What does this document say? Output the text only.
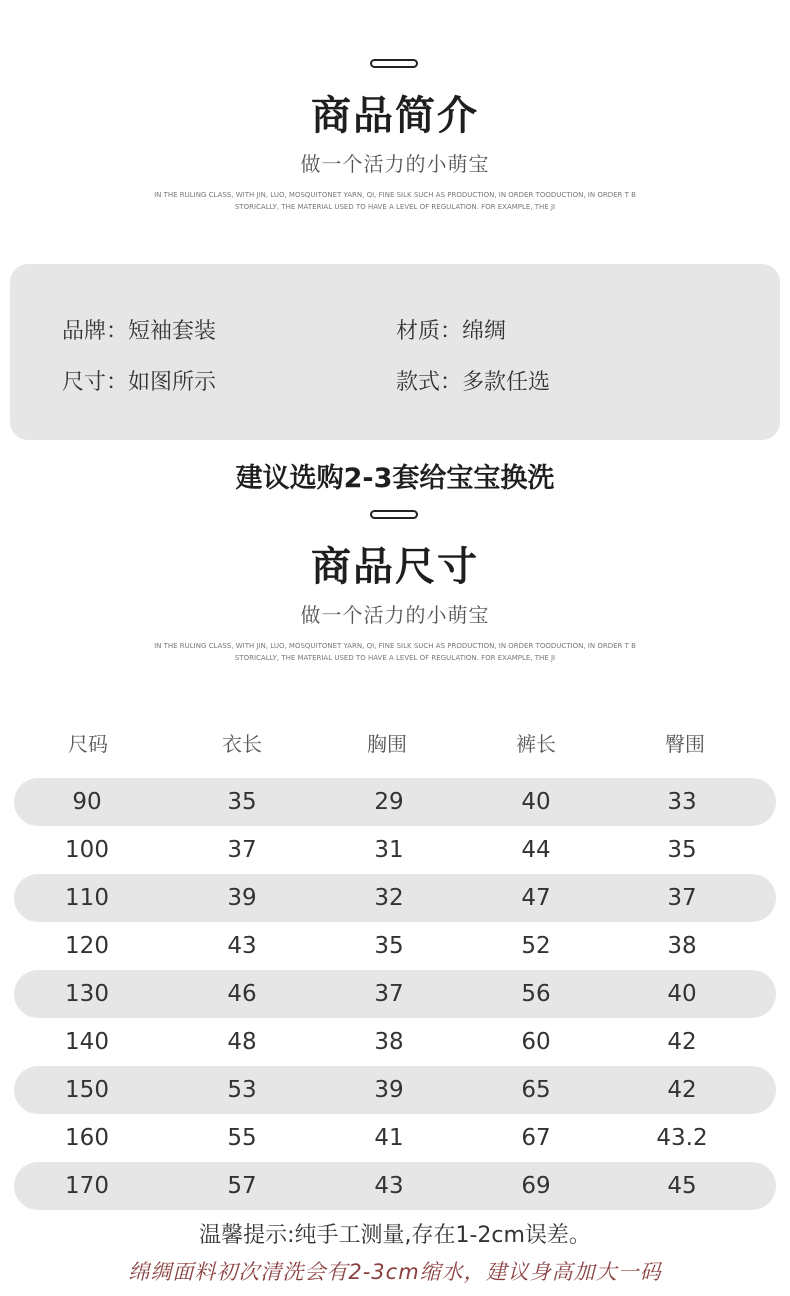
商品简介
做一个活力的小萌宝
IN THE RULING CLASS, WITH JIN, LUO, MOSQUITONET YARN, QI, FINE SILK SUCH AS PRODUCTION, IN ORDER TOODUCTION, IN ORDER T B
STORICALLY, THE MATERIAL USED TO HAVE A LEVEL OF REGULATION. FOR EXAMPLE, THE JI
品牌：短袖套装	材质：绵绸
尺寸：如图所示	款式：多款任选
建议选购2-3套给宝宝换洗
商品尺寸
做一个活力的小萌宝
IN THE RULING CLASS, WITH JIN, LUO, MOSQUITONET YARN, QI, FINE SILK SUCH AS PRODUCTION, IN ORDER TOODUCTION, IN ORDER T B
STORICALLY, THE MATERIAL USED TO HAVE A LEVEL OF REGULATION. FOR EXAMPLE, THE JI
尺码	衣长	胸围	裤长	臀围
90	35	29	40	33
100	37	31	44	35
110	39	32	47	37
120	43	35	52	38
130	46	37	56	40
140	48	38	60	42
150	53	39	65	42
160	55	41	67	43.2
170	57	43	69	45
温馨提示:纯手工测量,存在1-2cm误差。
绵绸面料初次清洗会有2-3cm缩水，建议身高加大一码
